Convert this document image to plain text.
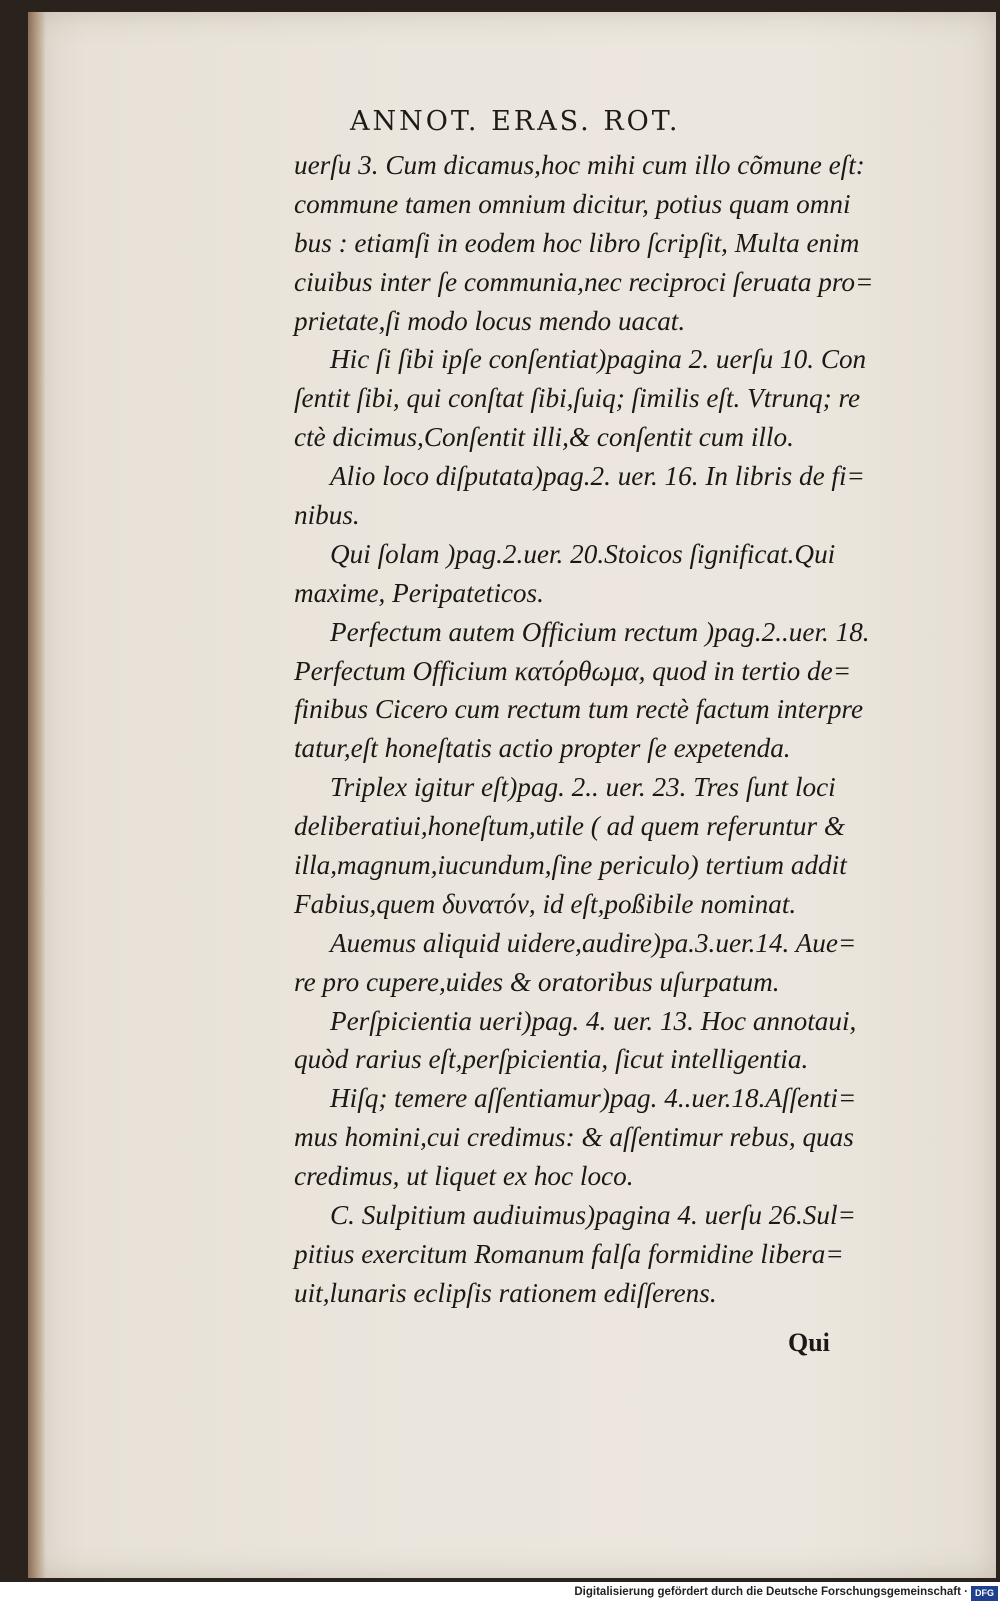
ANNOT. ERAS. ROT.
uerſu 3. Cum dicamus,hoc mihi cum illo cõmune eſt:
commune tamen omnium dicitur, potius quam omni
bus : etiamſi in eodem hoc libro ſcripſit, Multa enim
ciuibus inter ſe communia,nec reciproci ſeruata pro=
prietate,ſi modo locus mendo uacat.
Hic ſi ſibi ipſe conſentiat)pagina 2. uerſu 10. Con
ſentit ſibi, qui conſtat ſibi,ſuiq; ſimilis eſt. Vtrunq; re
ctè dicimus,Conſentit illi,& conſentit cum illo.
Alio loco diſputata)pag.2. uer. 16. In libris de fi=
nibus.
Qui ſolam )pag.2.uer. 20.Stoicos ſignificat.Qui
maxime, Peripateticos.
Perfectum autem Officium rectum )pag.2..uer. 18.
Perfectum Officium κατόρθωμα, quod in tertio de=
finibus Cicero cum rectum tum rectè factum interpre
tatur,eſt honeſtatis actio propter ſe expetenda.
Triplex igitur eſt)pag. 2.. uer. 23. Tres ſunt loci
deliberatiui,honeſtum,utile ( ad quem referuntur &
illa,magnum,iucundum,ſine periculo) tertium addit
Fabius,quem δυνατόν, id eſt,poßibile nominat.
Auemus aliquid uidere,audire)pa.3.uer.14. Aue=
re pro cupere,uides & oratoribus uſurpatum.
Perſpicientia ueri)pag. 4. uer. 13. Hoc annotaui,
quòd rarius eſt,perſpicientia, ſicut intelligentia.
Hiſq; temere aſſentiamur)pag. 4..uer.18.Aſſenti=
mus homini,cui credimus: & aſſentimur rebus, quas
credimus, ut liquet ex hoc loco.
C. Sulpitium audiuimus)pagina 4. uerſu 26.Sul=
pitius exercitum Romanum falſa formidine libera=
uit,lunaris eclipſis rationem ediſſerens.
Qui
Digitalisierung gefördert durch die Deutsche Forschungsgemeinschaft · DFG
